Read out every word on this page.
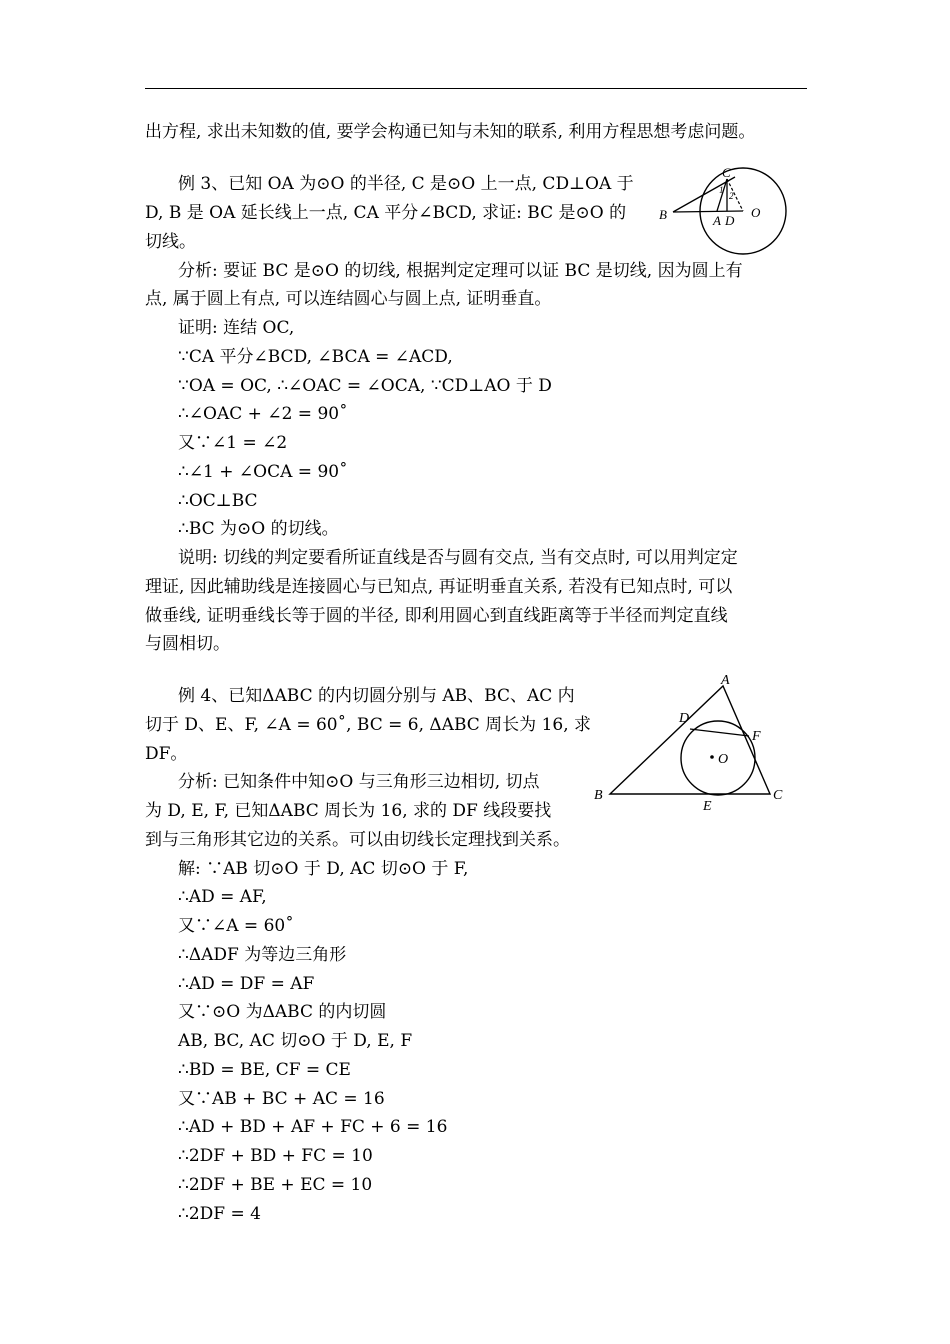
出方程, 求出未知数的值, 要学会构通已知与未知的联系, 利用方程思想考虑问题。
例 3、已知 OA 为⊙O 的半径, C 是⊙O 上一点, CD⊥OA 于
D, B 是 OA 延长线上一点, CA 平分∠BCD, 求证: BC 是⊙O 的
切线。
分析: 要证 BC 是⊙O 的切线, 根据判定定理可以证 BC 是切线, 因为圆上有
点, 属于圆上有点, 可以连结圆心与圆上点, 证明垂直。
证明: 连结 OC,
∵CA 平分∠BCD, ∠BCA = ∠ACD,
∵OA = OC, ∴∠OAC = ∠OCA, ∵CD⊥AO 于 D
∴∠OAC + ∠2 = 90˚
又∵∠1 = ∠2
∴∠1 + ∠OCA = 90˚
∴OC⊥BC
∴BC 为⊙O 的切线。
说明: 切线的判定要看所证直线是否与圆有交点, 当有交点时, 可以用判定定
理证, 因此辅助线是连接圆心与已知点, 再证明垂直关系, 若没有已知点时, 可以
做垂线, 证明垂线长等于圆的半径, 即利用圆心到直线距离等于半径而判定直线
与圆相切。
例 4、已知ΔABC 的内切圆分别与 AB、BC、AC 内
切于 D、E、F, ∠A = 60˚, BC = 6, ΔABC 周长为 16, 求
DF。
分析: 已知条件中知⊙O 与三角形三边相切, 切点
为 D, E, F, 已知ΔABC 周长为 16, 求的 DF 线段要找
到与三角形其它边的关系。可以由切线长定理找到关系。
解: ∵AB 切⊙O 于 D, AC 切⊙O 于 F,
∴AD = AF,
又∵∠A = 60˚
∴ΔADF 为等边三角形
∴AD = DF = AF
又∵⊙O 为ΔABC 的内切圆
AB, BC, AC 切⊙O 于 D, E, F
∴BD = BE, CF = CE
又∵AB + BC + AC = 16
∴AD + BD + AF + FC + 6 = 16
∴2DF + BD + FC = 10
∴2DF + BE + EC = 10
∴2DF = 4
C
B	A D
O
1
2
A
B	C
D
E
F
O
